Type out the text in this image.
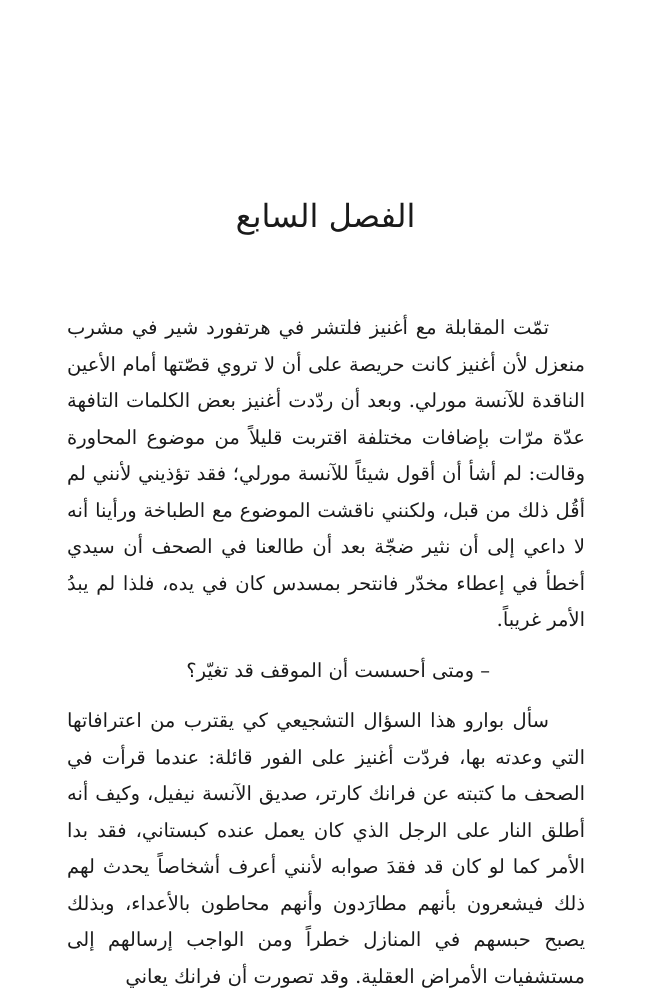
الفصل السابع

تمّت المقابلة مع أغنيز فلتشر في هرتفورد شير في مشرب منعزل لأن أغنيز كانت حريصة على أن لا تروي قصّتها أمام الأعين الناقدة للآنسة مورلي. وبعد أن ردّدت أغنيز بعض الكلمات التافهة عدّة مرّات بإضافات مختلفة اقتربت قليلاً من موضوع المحاورة وقالت: لم أشأ أن أقول شيئاً للآنسة مورلي؛ فقد تؤذيني لأنني لم أقُل ذلك من قبل، ولكنني ناقشت الموضوع مع الطباخة ورأينا أنه لا داعي إلى أن نثير ضجّة بعد أن طالعنا في الصحف أن سيدي أخطأ في إعطاء مخدّر فانتحر بمسدس كان في يده، فلذا لم يبدُ الأمر غريباً.

– ومتى أحسست أن الموقف قد تغيّر؟

سأل بوارو هذا السؤال التشجيعي كي يقترب من اعترافاتها التي وعدته بها، فردّت أغنيز على الفور قائلة: عندما قرأت في الصحف ما كتبته عن فرانك كارتر، صديق الآنسة نيفيل، وكيف أنه أطلق النار على الرجل الذي كان يعمل عنده كبستاني، فقد بدا الأمر كما لو كان قد فقدَ صوابه لأنني أعرف أشخاصاً يحدث لهم ذلك فيشعرون بأنهم مطارَدون وأنهم محاطون بالأعداء، وبذلك يصبح حبسهم في المنازل خطراً ومن الواجب إرسالهم إلى مستشفيات الأمراض العقلية. وقد تصورت أن فرانك يعاني
